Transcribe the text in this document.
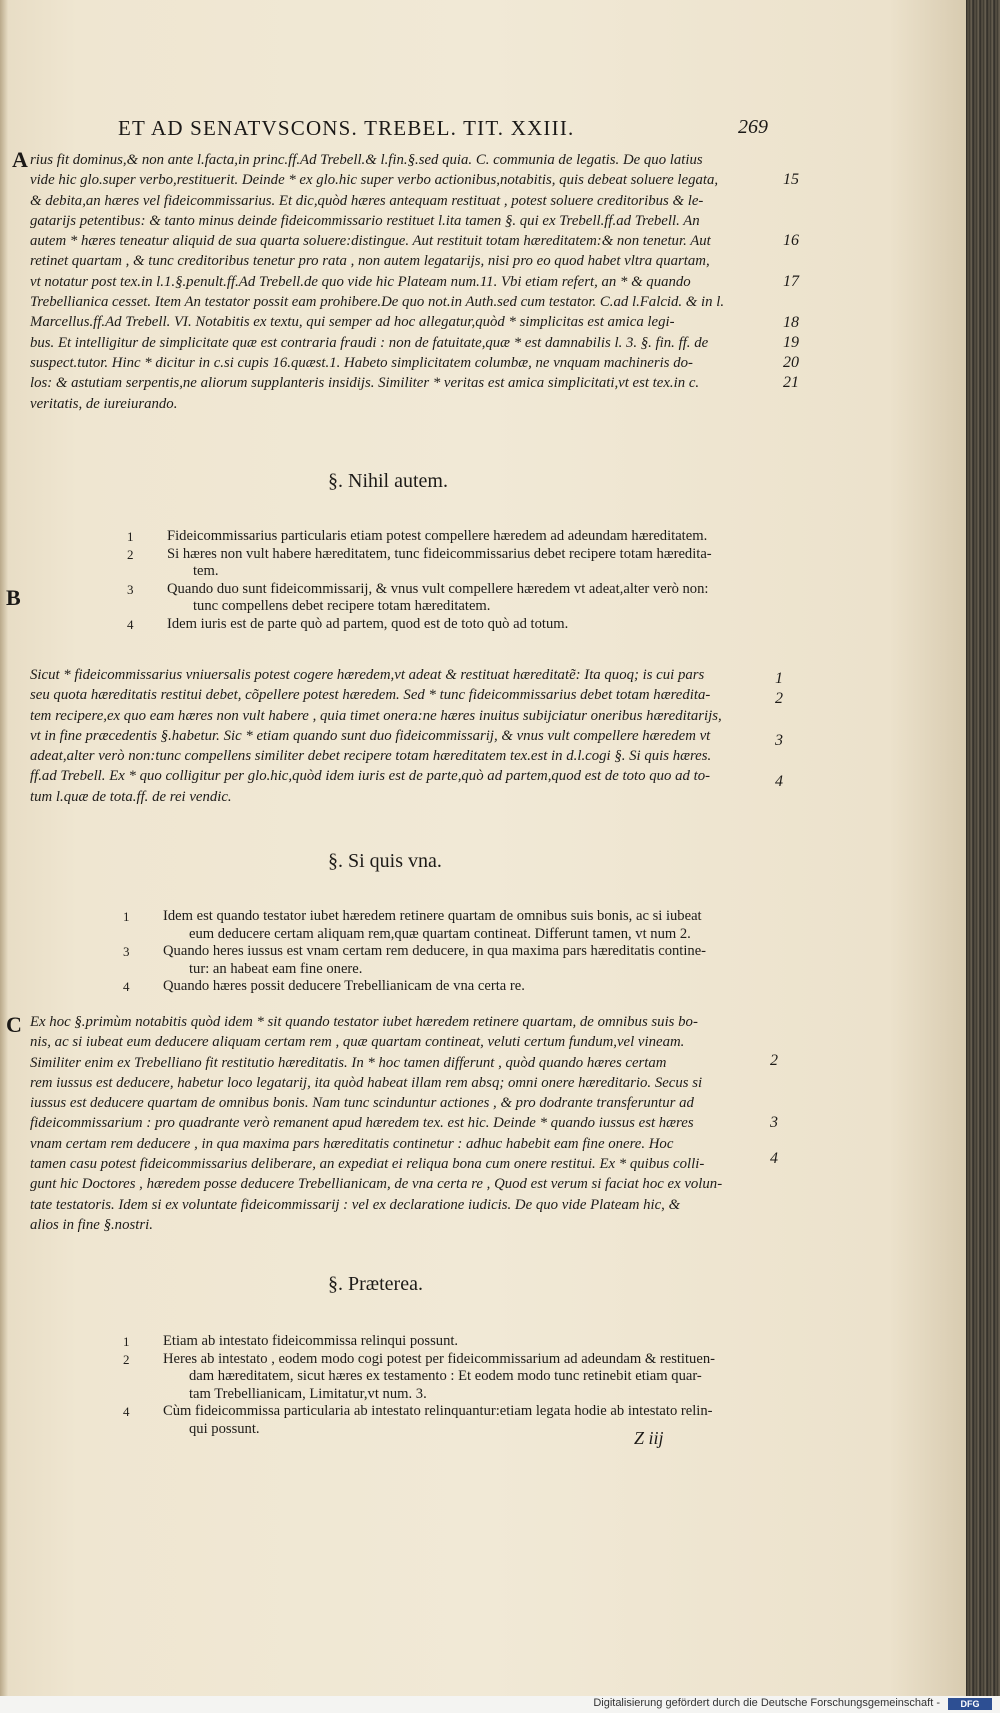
ET AD SENATVSCONS. TREBEL. TIT. XXIII.	269
A rius fit dominus,& non ante l.facta,in princ.ff.Ad Trebell.& l.fin.§.sed quia. C. communia de legatis. De quo latius

vide hic glo.super verbo,restituerit. Deinde * ex glo.hic super verbo actionibus,notabitis, quis debeat soluere legata,

& debita,an hæres vel fideicommissarius. Et dic,quòd hæres antequam restituat , potest soluere creditoribus & le-

gatarijs petentibus: & tanto minus deinde fideicommissario restituet l.ita tamen §. qui ex Trebell.ff.ad Trebell. An

autem * hæres teneatur aliquid de sua quarta soluere:distingue. Aut restituit totam hæreditatem:& non tenetur. Aut

retinet quartam , & tunc creditoribus tenetur pro rata , non autem legatarijs, nisi pro eo quod habet vltra quartam,

vt notatur post tex.in l.1.§.penult.ff.Ad Trebell.de quo vide hic Plateam num.11. Vbi etiam refert, an * & quando

Trebellianica cesset. Item An testator possit eam prohibere.De quo not.in Auth.sed cum testator. C.ad l.Falcid. & in l.

Marcellus.ff.Ad Trebell. VI. Notabitis ex textu, qui semper ad hoc allegatur,quòd * simplicitas est amica legi-

bus. Et intelligitur de simplicitate quæ est contraria fraudi : non de fatuitate,quæ * est damnabilis l. 3. §. fin. ff. de

suspect.tutor. Hinc * dicitur in c.si cupis 16.quæst.1. Habeto simplicitatem columbæ, ne vnquam machineris do-

los: & astutiam serpentis,ne aliorum supplanteris insidijs. Similiter * veritas est amica simplicitati,vt est tex.in c.

veritatis, de iureiurando.

15
16
17
18
19
20
21
§. Nihil autem.
B
1 Fideicommissarius particularis etiam potest compellere hæredem ad adeundam hæreditatem.
2 Si hæres non vult habere hæreditatem, tunc fideicommissarius debet recipere totam hæredita-
tem.
3 Quando duo sunt fideicommissarij, & vnus vult compellere hæredem vt adeat,alter verò non:
tunc compellens debet recipere totam hæreditatem.
4 Idem iuris est de parte quò ad partem, quod est de toto quò ad totum.

Sicut * fideicommissarius vniuersalis potest cogere hæredem,vt adeat & restituat hæreditatẽ: Ita quoq; is cui pars

seu quota hæreditatis restitui debet, cõpellere potest hæredem. Sed * tunc fideicommissarius debet totam hæredita-

tem recipere,ex quo eam hæres non vult habere , quia timet onera:ne hæres inuitus subijciatur oneribus hæreditarijs,

vt in fine præcedentis §.habetur. Sic * etiam quando sunt duo fideicommissarij, & vnus vult compellere hæredem vt

adeat,alter verò non:tunc compellens similiter debet recipere totam hæreditatem tex.est in d.l.cogi §. Si quis hæres.

ff.ad Trebell. Ex * quo colligitur per glo.hic,quòd idem iuris est de parte,quò ad partem,quod est de toto quo ad to-

tum l.quæ de tota.ff. de rei vendic.

1
2
3
4
§. Si quis vna.
1 Idem est quando testator iubet hæredem retinere quartam de omnibus suis bonis, ac si iubeat
eum deducere certam aliquam rem,quæ quartam contineat. Differunt tamen, vt num 2.
3 Quando heres iussus est vnam certam rem deducere, in qua maxima pars hæreditatis contine-
tur: an habeat eam fine onere.
4 Quando hæres possit deducere Trebellianicam de vna certa re.
C Ex hoc §.primùm notabitis quòd idem * sit quando testator iubet hæredem retinere quartam, de omnibus suis bo-

nis, ac si iubeat eum deducere aliquam certam rem , quæ quartam contineat, veluti certum fundum,vel vineam.

Similiter enim ex Trebelliano fit restitutio hæreditatis. In * hoc tamen differunt , quòd quando hæres certam

rem iussus est deducere, habetur loco legatarij, ita quòd habeat illam rem absq; omni onere hæreditario. Secus si

iussus est deducere quartam de omnibus bonis. Nam tunc scinduntur actiones , & pro dodrante transferuntur ad

fideicommissarium : pro quadrante verò remanent apud hæredem tex. est hic. Deinde * quando iussus est hæres

vnam certam rem deducere , in qua maxima pars hæreditatis continetur : adhuc habebit eam fine onere. Hoc

tamen casu potest fideicommissarius deliberare, an expediat ei reliqua bona cum onere restitui. Ex * quibus colli-

gunt hic Doctores , hæredem posse deducere Trebellianicam, de vna certa re , Quod est verum si faciat hoc ex volun-

tate testatoris. Idem si ex voluntate fideicommissarij : vel ex declaratione iudicis. De quo vide Plateam hic, &

alios in fine §.nostri.

2
3
4
§. Præterea.
1 Etiam ab intestato fideicommissa relinqui possunt.
2 Heres ab intestato , eodem modo cogi potest per fideicommissarium ad adeundam & restituen-
dam hæreditatem, sicut hæres ex testamento : Et eodem modo tunc retinebit etiam quar-
tam Trebellianicam, Limitatur,vt num. 3.
4 Cùm fideicommissa particularia ab intestato relinquantur:etiam legata hodie ab intestato relin-
qui possunt.	Z iij
Digitalisierung gefördert durch die Deutsche Forschungsgemeinschaft -	DFG
